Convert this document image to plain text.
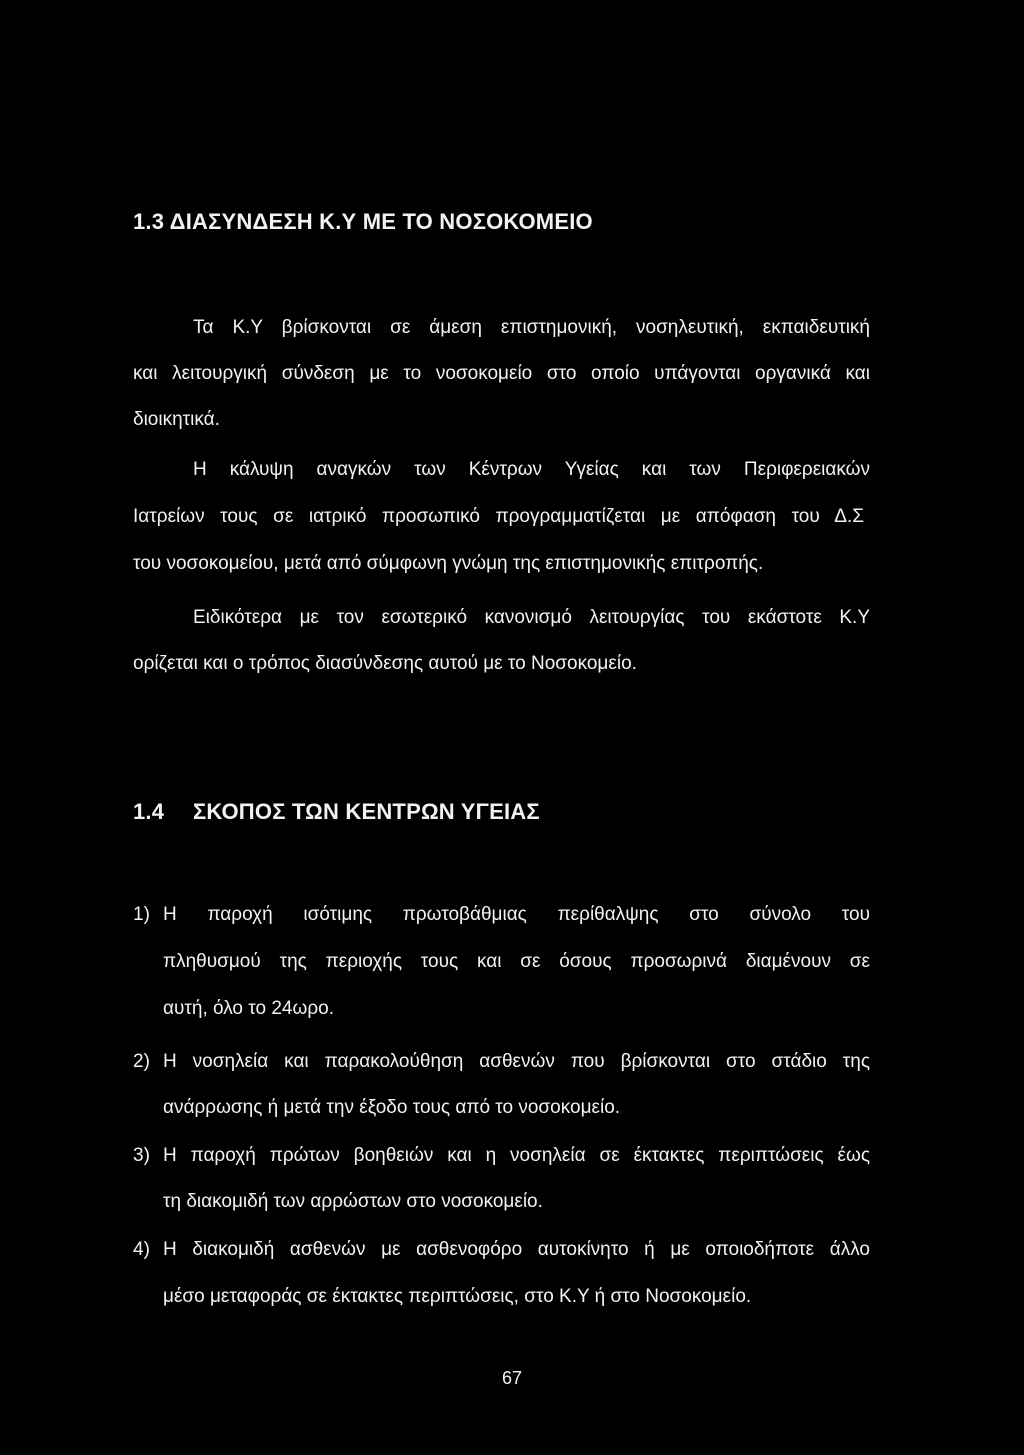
1.3 ΔΙΑΣΥΝΔΕΣΗ Κ.Υ ΜΕ ΤΟ ΝΟΣΟΚΟΜΕΙΟ
Τα Κ.Υ βρίσκονται σε άμεση επιστημονική, νοσηλευτική, εκπαιδευτική
και λειτουργική σύνδεση με το νοσοκομείο στο οποίο υπάγονται οργανικά και
διοικητικά.
Η κάλυψη αναγκών των Κέντρων Υγείας και των Περιφερειακών
Ιατρείων τους σε ιατρικό προσωπικό προγραμματίζεται με απόφαση του Δ.Σ
του νοσοκομείου, μετά από σύμφωνη γνώμη της επιστημονικής επιτροπής.
Ειδικότερα με τον εσωτερικό κανονισμό λειτουργίας του εκάστοτε Κ.Υ
ορίζεται και ο τρόπος διασύνδεσης αυτού με το Νοσοκομείο.
1.4 ΣΚΟΠΟΣ ΤΩΝ ΚΕΝΤΡΩΝ ΥΓΕΙΑΣ
1) Η παροχή ισότιμης πρωτοβάθμιας περίθαλψης στο σύνολο του
πληθυσμού της περιοχής τους και σε όσους προσωρινά διαμένουν σε
αυτή, όλο το 24ωρο.
2) Η νοσηλεία και παρακολούθηση ασθενών που βρίσκονται στο στάδιο της
ανάρρωσης ή μετά την έξοδο τους από το νοσοκομείο.
3) Η παροχή πρώτων βοηθειών και η νοσηλεία σε έκτακτες περιπτώσεις έως
τη διακομιδή των αρρώστων στο νοσοκομείο.
4) Η διακομιδή ασθενών με ασθενοφόρο αυτοκίνητο ή με οποιοδήποτε άλλο
μέσο μεταφοράς σε έκτακτες περιπτώσεις, στο Κ.Υ ή στο Νοσοκομείο.
67
